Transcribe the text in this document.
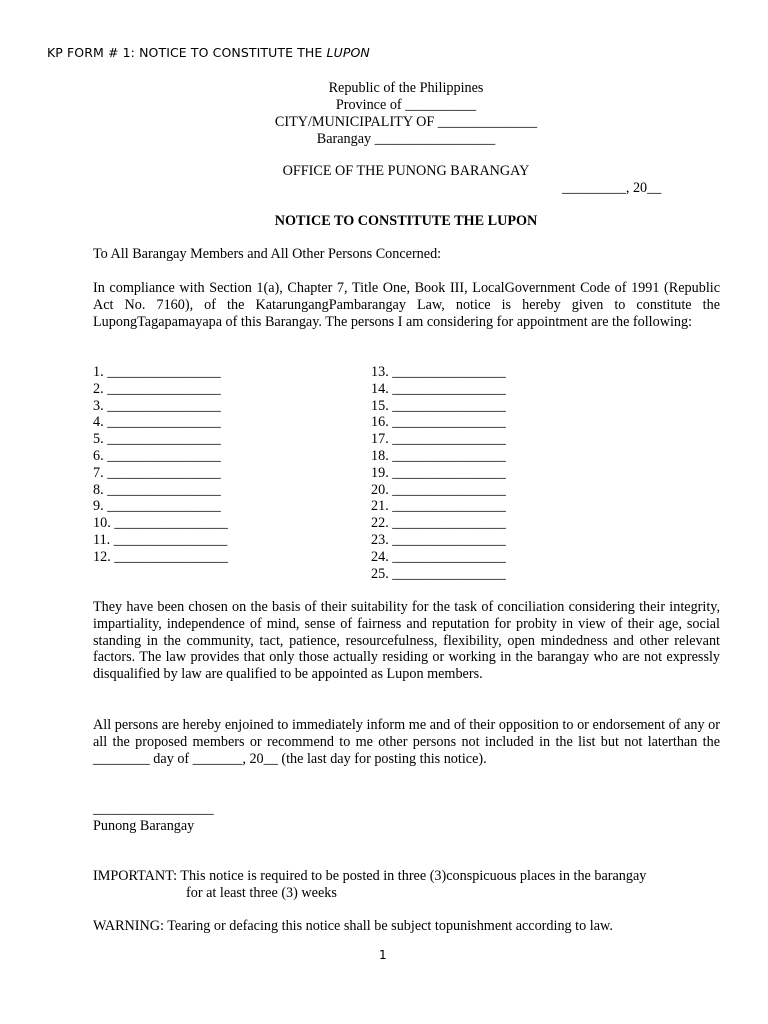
KP FORM # 1: NOTICE TO CONSTITUTE THE LUPON
Republic of the Philippines
Province of __________
CITY/MUNICIPALITY OF ______________
Barangay _________________
OFFICE OF THE PUNONG BARANGAY
_________, 20__
NOTICE TO CONSTITUTE THE LUPON
To All Barangay Members and All Other Persons Concerned:
In compliance with Section 1(a), Chapter 7, Title One, Book III, LocalGovernment Code of 1991 (Republic Act No. 7160), of the KatarungangPambarangay Law, notice is hereby given to constitute the LupongTagapamayapa of this Barangay. The persons I am considering for appointment are the following:
1. ________________
2. ________________
3. ________________
4. ________________
5. ________________
6. ________________
7. ________________
8. ________________
9. ________________
10. ________________
11. ________________
12. ________________
13. ________________
14. ________________
15. ________________
16. ________________
17. ________________
18. ________________
19. ________________
20. ________________
21. ________________
22. ________________
23. ________________
24. ________________
25. ________________
They have been chosen on the basis of their suitability for the task of conciliation considering their integrity, impartiality, independence of mind, sense of fairness and reputation for probity in view of their age, social standing in the community, tact, patience, resourcefulness, flexibility, open mindedness and other relevant factors. The law provides that only those actually residing or working in the barangay who are not expressly disqualified by law are qualified to be appointed as Lupon members.
All persons are hereby enjoined to immediately inform me and of their opposition to or endorsement of any or all the proposed members or recommend to me other persons not included in the list but not laterthan the ________ day of _______, 20__ (the last day for posting this notice).
_________________
Punong Barangay
IMPORTANT: This notice is required to be posted in three (3)conspicuous places in the barangay
for at least three (3) weeks
WARNING: Tearing or defacing this notice shall be subject topunishment according to law.
1
